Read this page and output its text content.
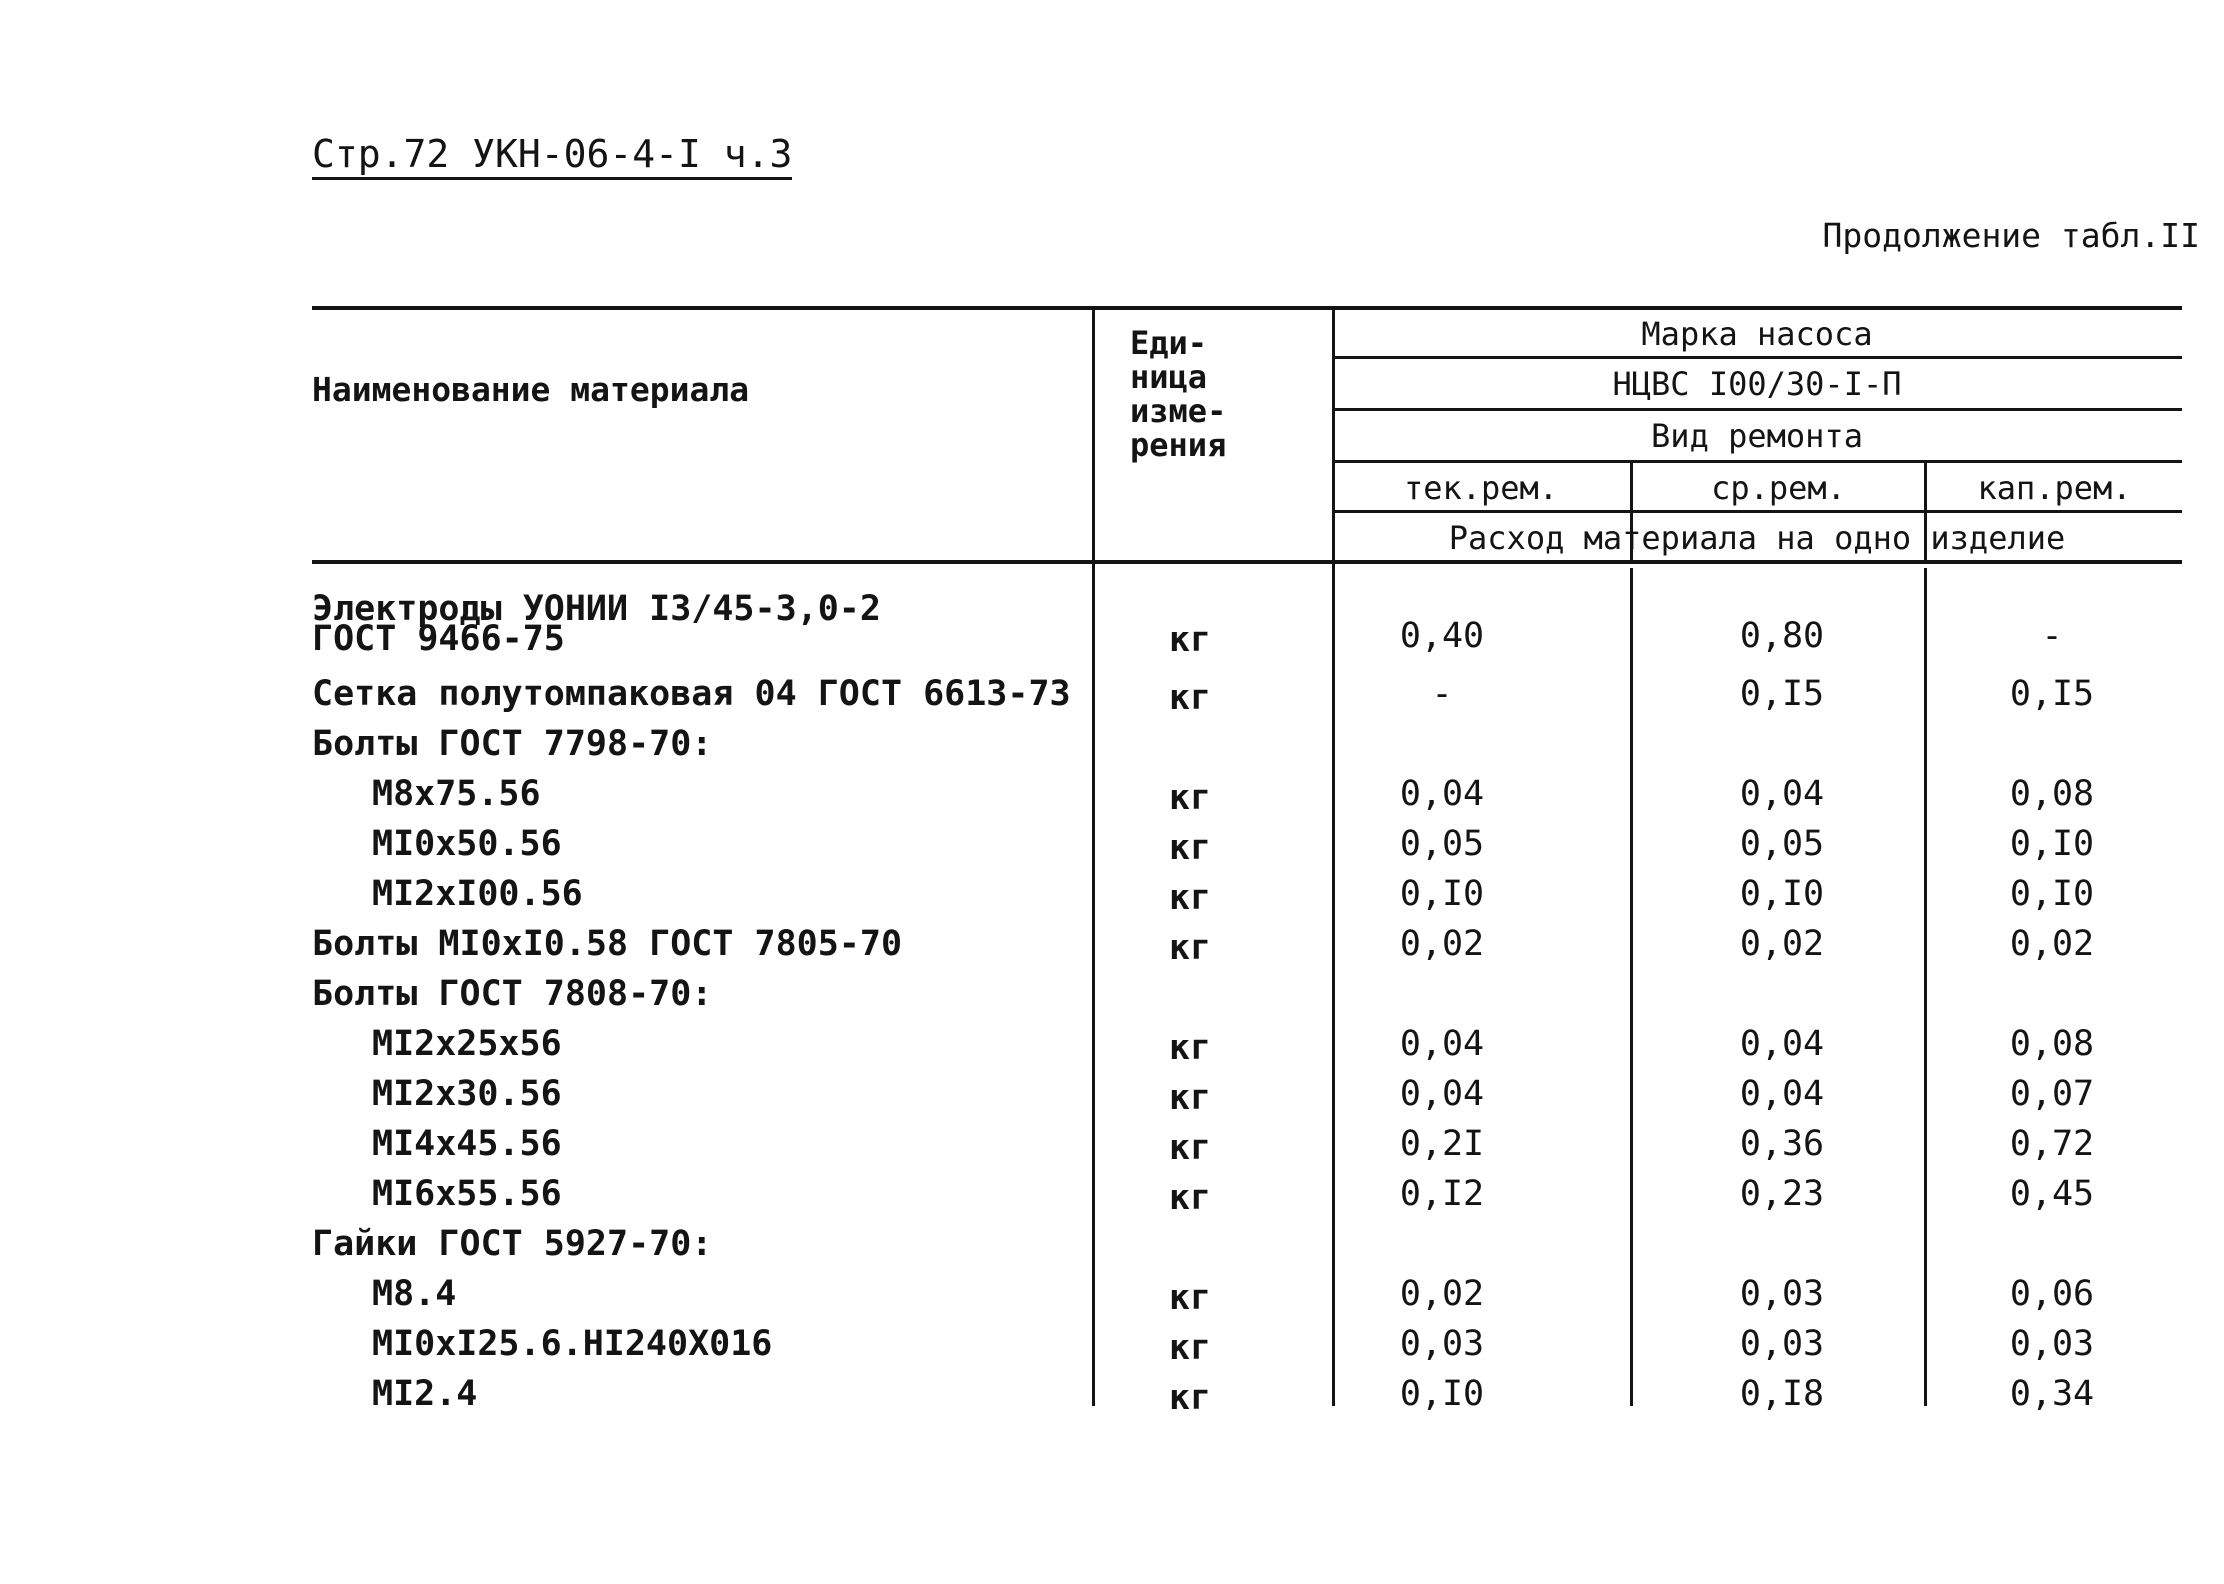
Стр.72 УКН-06-4-I ч.3
Продолжение табл.II
Наименование материала
Еди-
ница
изме-
рения
Марка насоса
НЦВС I00/30-I-П
Вид ремонта
тек.рем.	ср.рем.	кап.рем.
Расход материала на одно изделие
Электроды УОНИИ I3/45-3,0-2
ГОСТ 9466-75	кг	0,40	0,80	-
Сетка полутомпаковая 04 ГОСТ 6613-73	кг	-	0,I5	0,I5
Болты ГОСТ 7798-70:
М8х75.56	кг	0,04	0,04	0,08
МI0х50.56	кг	0,05	0,05	0,I0
МI2хI00.56	кг	0,I0	0,I0	0,I0
Болты МI0хI0.58 ГОСТ 7805-70	кг	0,02	0,02	0,02
Болты ГОСТ 7808-70:
МI2х25х56	кг	0,04	0,04	0,08
МI2х30.56	кг	0,04	0,04	0,07
МI4х45.56	кг	0,2I	0,36	0,72
МI6х55.56	кг	0,I2	0,23	0,45
Гайки ГОСТ 5927-70:
М8.4	кг	0,02	0,03	0,06
МI0хI25.6.НI240Х016	кг	0,03	0,03	0,03
МI2.4	кг	0,I0	0,I8	0,34
